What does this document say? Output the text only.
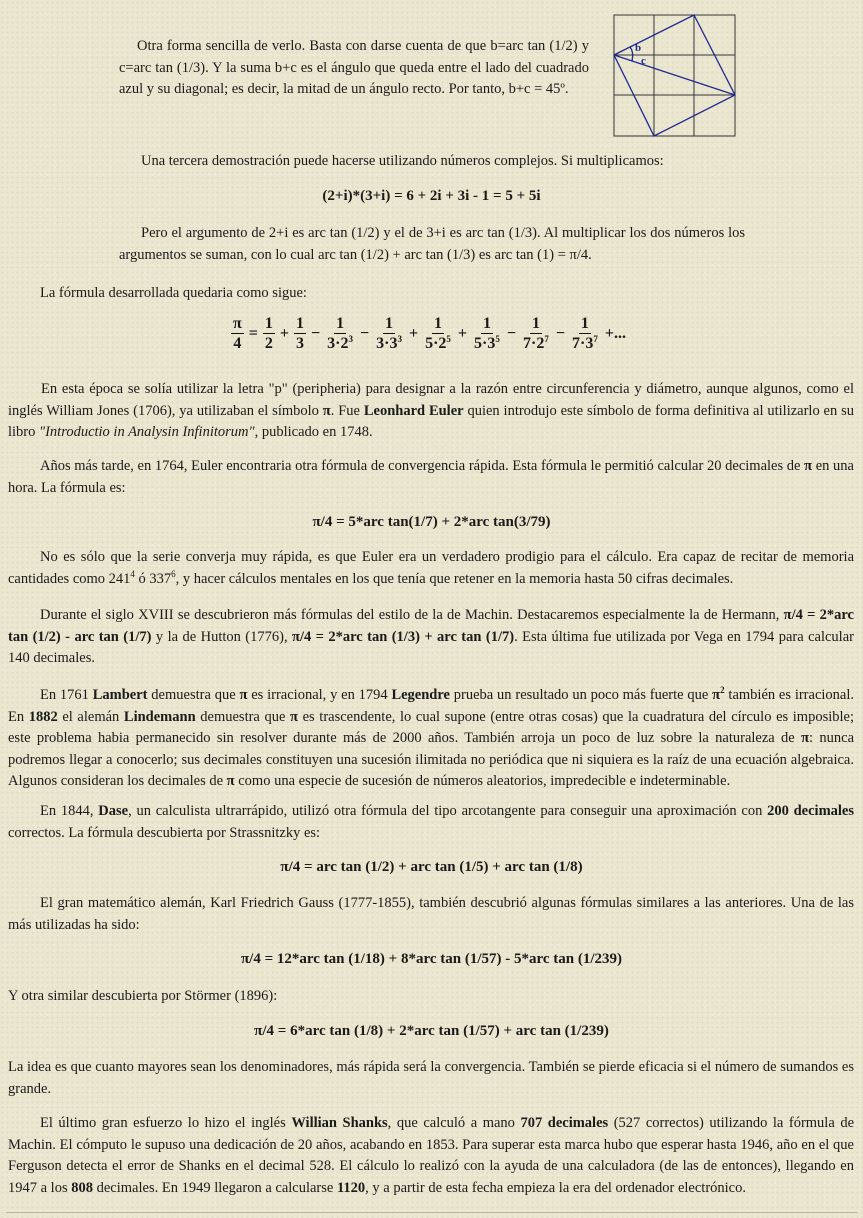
Otra forma sencilla de verlo. Basta con darse cuenta de que b=arc tan (1/2) y c=arc tan (1/3). Y la suma b+c es el ángulo que queda entre el lado del cuadrado azul y su diagonal; es decir, la mitad de un ángulo recto. Por tanto, b+c = 45º.

b
c

Una tercera demostración puede hacerse utilizando números complejos. Si multiplicamos:

(2+i)*(3+i) = 6 + 2i + 3i - 1 = 5 + 5i

Pero el argumento de 2+i es arc tan (1/2) y el de 3+i es arc tan (1/3). Al multiplicar los dos números los argumentos se suman, con lo cual arc tan (1/2) + arc tan (1/3) es arc tan (1) = π/4.

La fórmula desarrollada quedaria como sigue:

$\frac{\pi}{4} = \frac{1}{2} + \frac{1}{3} - \frac{1}{3\cdot 2^3} - \frac{1}{3\cdot 3^3} + \frac{1}{5\cdot 2^5} + \frac{1}{5\cdot 3^5} - \frac{1}{7\cdot 2^7} - \frac{1}{7\cdot 3^7}$ +...

En esta época se solía utilizar la letra "p" (peripheria) para designar a la razón entre circunferencia y diámetro, aunque algunos, como el inglés William Jones (1706), ya utilizaban el símbolo π. Fue Leonhard Euler quien introdujo este símbolo de forma definitiva al utilizarlo en su libro "Introductio in Analysin Infinitorum", publicado en 1748.

Años más tarde, en 1764, Euler encontraria otra fórmula de convergencia rápida. Esta fórmula le permitió calcular 20 decimales de π en una hora. La fórmula es:

π/4 = 5*arc tan(1/7) + 2*arc tan(3/79)

No es sólo que la serie converja muy rápida, es que Euler era un verdadero prodigio para el cálculo. Era capaz de recitar de memoria cantidades como $241^4$ ó $337^6$, y hacer cálculos mentales en los que tenía que retener en la memoria hasta 50 cifras decimales.

Durante el siglo XVIII se descubrieron más fórmulas del estilo de la de Machin. Destacaremos especialmente la de Hermann, π/4 = 2*arc tan (1/2) - arc tan (1/7) y la de Hutton (1776), π/4 = 2*arc tan (1/3) + arc tan (1/7). Esta última fue utilizada por Vega en 1794 para calcular 140 decimales.

En 1761 Lambert demuestra que π es irracional, y en 1794 Legendre prueba un resultado un poco más fuerte que $\pi^2$ también es irracional. En 1882 el alemán Lindemann demuestra que π es trascendente, lo cual supone (entre otras cosas) que la cuadratura del círculo es imposible; este problema habia permanecido sin resolver durante más de 2000 años. También arroja un poco de luz sobre la naturaleza de π: nunca podremos llegar a conocerlo; sus decimales constituyen una sucesión ilimitada no periódica que ni siquiera es la raíz de una ecuación algebraica. Algunos consideran los decimales de π como una especie de sucesión de números aleatorios, impredecible e indeterminable.

En 1844, Dase, un calculista ultrarrápido, utilizó otra fórmula del tipo arcotangente para conseguir una aproximación con 200 decimales correctos. La fórmula descubierta por Strassnitzky es:

π/4 = arc tan (1/2) + arc tan (1/5) + arc tan (1/8)

El gran matemático alemán, Karl Friedrich Gauss (1777-1855), también descubrió algunas fórmulas similares a las anteriores. Una de las más utilizadas ha sido:

π/4 = 12*arc tan (1/18) + 8*arc tan (1/57) - 5*arc tan (1/239)

Y otra similar descubierta por Störmer (1896):

π/4 = 6*arc tan (1/8) + 2*arc tan (1/57) + arc tan (1/239)

La idea es que cuanto mayores sean los denominadores, más rápida será la convergencia. También se pierde eficacia si el número de sumandos es grande.

El último gran esfuerzo lo hizo el inglés Willian Shanks, que calculó a mano 707 decimales (527 correctos) utilizando la fórmula de Machin. El cómputo le supuso una dedicación de 20 años, acabando en 1853. Para superar esta marca hubo que esperar hasta 1946, año en el que Ferguson detecta el error de Shanks en el decimal 528. El cálculo lo realizó con la ayuda de una calculadora (de las de entonces), llegando en 1947 a los 808 decimales. En 1949 llegaron a calcularse 1120, y a partir de esta fecha empieza la era del ordenador electrónico.
